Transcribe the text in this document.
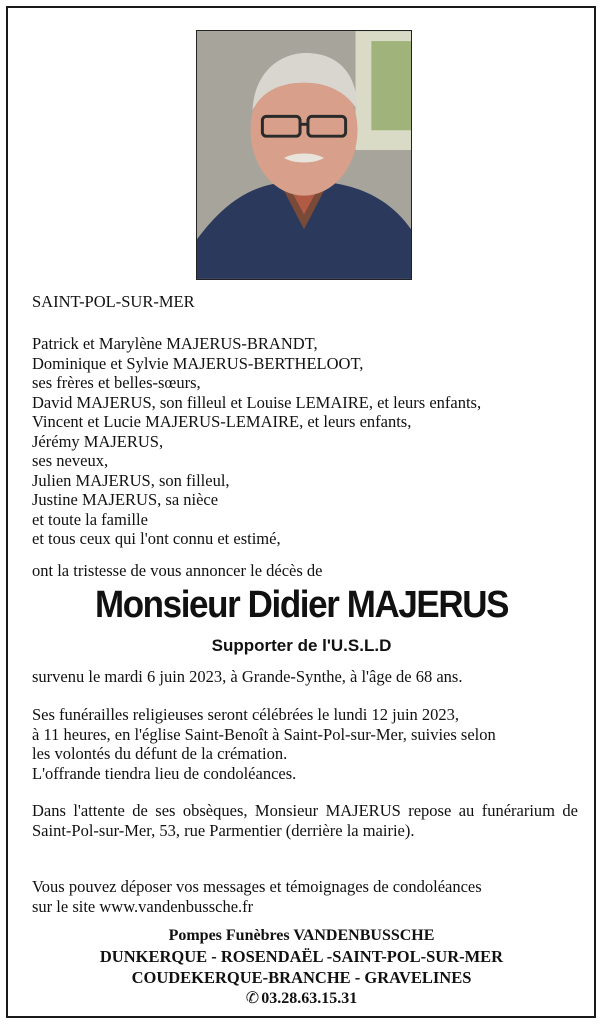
SAINT-POL-SUR-MER
Patrick et Marylène MAJERUS-BRANDT,
Dominique et Sylvie MAJERUS-BERTHELOOT,
ses frères et belles-sœurs,
David MAJERUS, son filleul et Louise LEMAIRE, et leurs enfants,
Vincent et Lucie MAJERUS-LEMAIRE, et leurs enfants,
Jérémy MAJERUS,
ses neveux,
Julien MAJERUS, son filleul,
Justine MAJERUS, sa nièce
et toute la famille
et tous ceux qui l'ont connu et estimé,
ont la tristesse de vous annoncer le décès de
Monsieur Didier MAJERUS
Supporter de l'U.S.L.D
survenu le mardi 6 juin 2023, à Grande-Synthe, à l'âge de 68 ans.
Ses funérailles religieuses seront célébrées le lundi 12 juin 2023,
à 11 heures, en l'église Saint-Benoît à Saint-Pol-sur-Mer, suivies selon
les volontés du défunt de la crémation.
L'offrande tiendra lieu de condoléances.

Dans l'attente de ses obsèques, Monsieur MAJERUS repose au funérarium de Saint-Pol-sur-Mer, 53, rue Parmentier (derrière la mairie).

Vous pouvez déposer vos messages et témoignages de condoléances
sur le site www.vandenbussche.fr
Pompes Funèbres VANDENBUSSCHE
DUNKERQUE - ROSENDAËL -SAINT-POL-SUR-MER
COUDEKERQUE-BRANCHE - GRAVELINES
✆ 03.28.63.15.31
